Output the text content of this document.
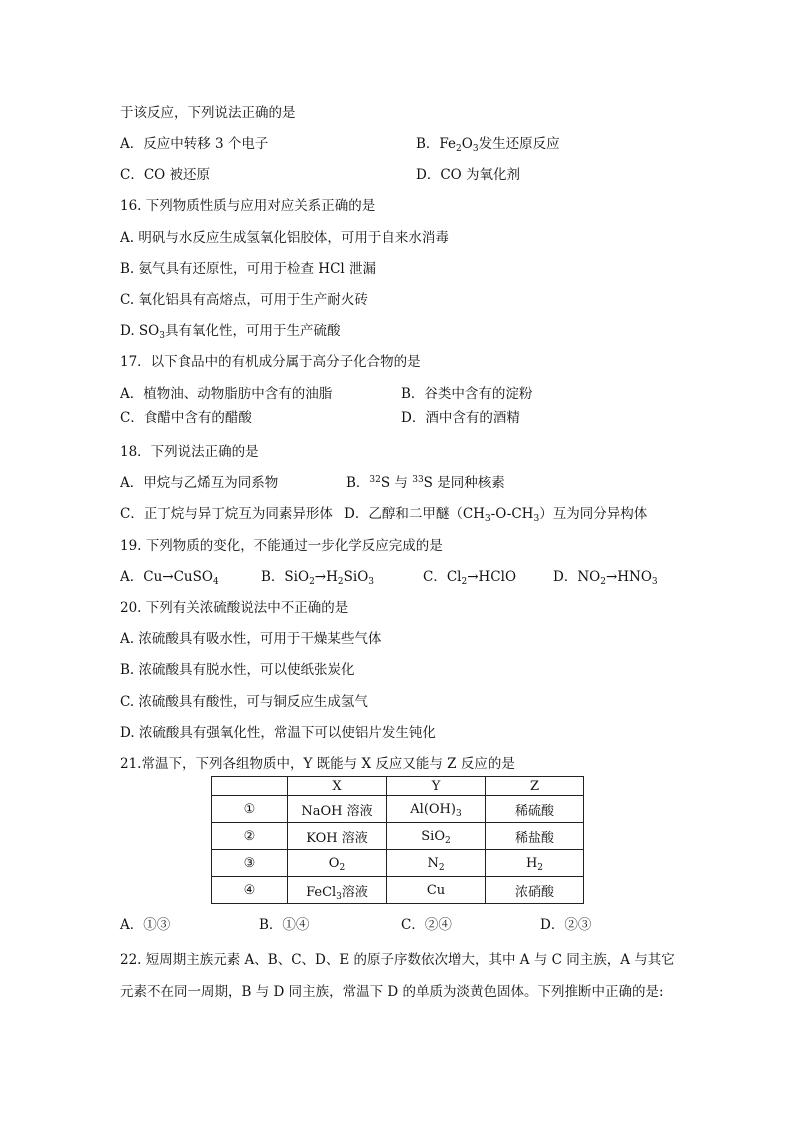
于该反应，下列说法正确的是
A．反应中转移 3 个电子	B．$Fe_2O_3$发生还原反应
C．CO 被还原	D．CO 为氧化剂
16. 下列物质性质与应用对应关系正确的是
A. 明矾与水反应生成氢氧化铝胶体，可用于自来水消毒
B. 氨气具有还原性，可用于检查 HCl 泄漏
C. 氧化铝具有高熔点，可用于生产耐火砖
D. $SO_3$具有氧化性，可用于生产硫酸
17．以下食品中的有机成分属于高分子化合物的是
A．植物油、动物脂肪中含有的油脂	B．谷类中含有的淀粉
C．食醋中含有的醋酸	D．酒中含有的酒精
18．下列说法正确的是
A．甲烷与乙烯互为同系物	B．$^{32}$S 与 $^{33}$S 是同种核素
C．正丁烷与异丁烷互为同素异形体 D．乙醇和二甲醚$(CH_3-O-CH_3)$互为同分异构体
19. 下列物质的变化，不能通过一步化学反应完成的是
A．Cu→CuSO$_4$	B．$SiO_2\to H_2SiO_3$	C．$Cl_2\to HClO$	D．$NO_2\to HNO_3$
20. 下列有关浓硫酸说法中不正确的是
A. 浓硫酸具有吸水性，可用于干燥某些气体
B. 浓硫酸具有脱水性，可以使纸张炭化
C. 浓硫酸具有酸性，可与铜反应生成氢气
D. 浓硫酸具有强氧化性，常温下可以使铝片发生钝化
21.常温下，下列各组物质中，Y 既能与 X 反应又能与 Z 反应的是
	X	Y	Z
①	NaOH 溶液	$Al(OH)_3$	稀硫酸
②	KOH 溶液	SiO$_2$	稀盐酸
③	$O_2$	$N_2$	$H_2$
④	FeCl$_3$溶液	Cu	浓硝酸
A．①③	B．①④	C．②④	D．②③
22. 短周期主族元素 A、B、C、D、E 的原子序数依次增大，其中 A 与 C 同主族，A 与其它
元素不在同一周期，B 与 D 同主族，常温下 D 的单质为淡黄色固体。下列推断中正确的是:
